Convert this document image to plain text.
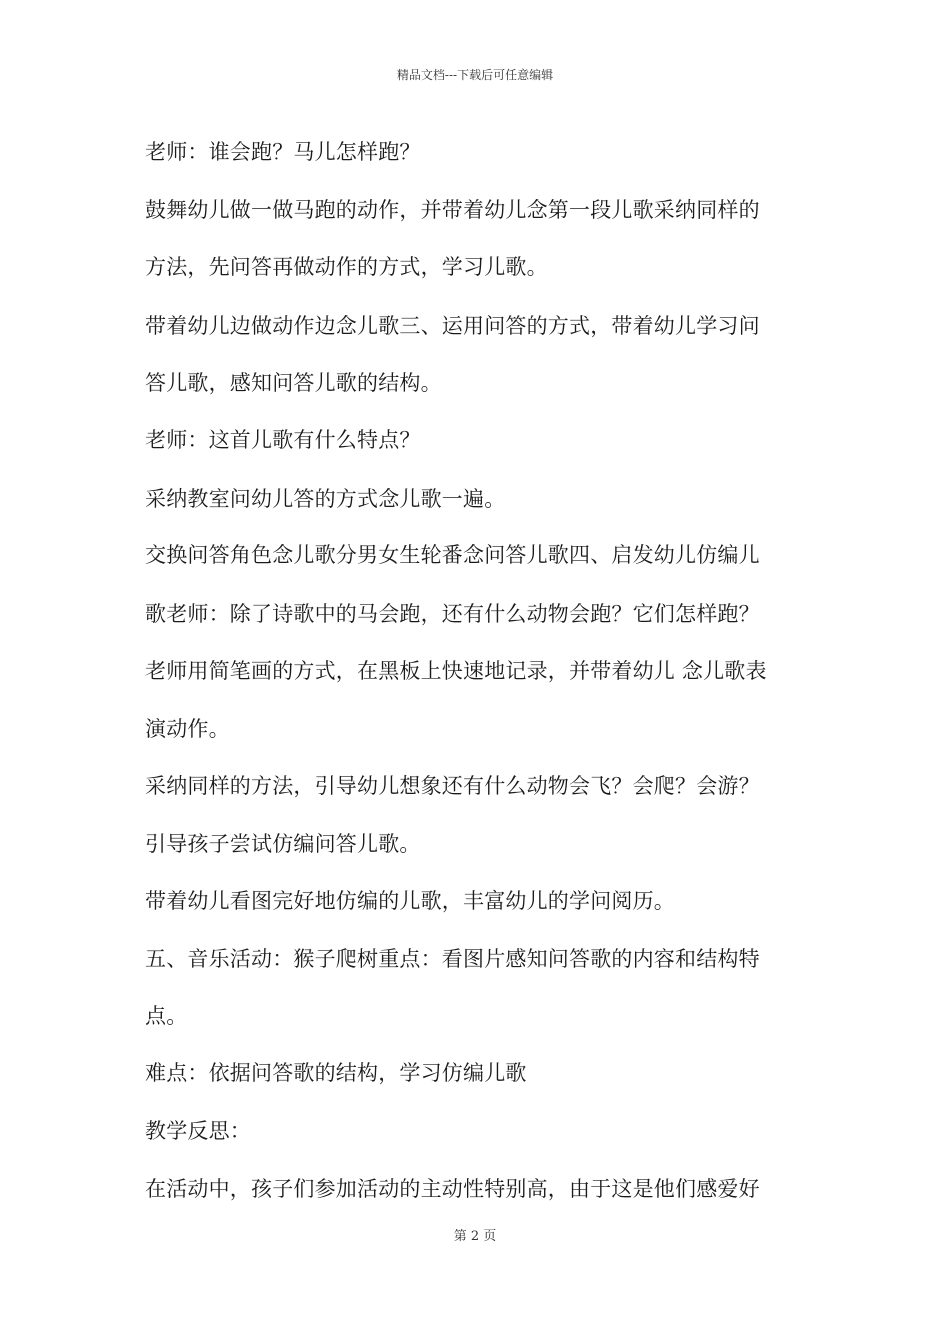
精品文档---下载后可任意编辑
老师：谁会跑？马儿怎样跑？
鼓舞幼儿做一做马跑的动作，并带着幼儿念第一段儿歌采纳同样的
方法，先问答再做动作的方式，学习儿歌。
带着幼儿边做动作边念儿歌三、运用问答的方式，带着幼儿学习问
答儿歌，感知问答儿歌的结构。
老师：这首儿歌有什么特点？
采纳教室问幼儿答的方式念儿歌一遍。
交换问答角色念儿歌分男女生轮番念问答儿歌四、启发幼儿仿编儿
歌老师：除了诗歌中的马会跑，还有什么动物会跑？它们怎样跑？
老师用简笔画的方式，在黑板上快速地记录，并带着幼儿 念儿歌表
演动作。
采纳同样的方法，引导幼儿想象还有什么动物会飞？会爬？会游？
引导孩子尝试仿编问答儿歌。
带着幼儿看图完好地仿编的儿歌，丰富幼儿的学问阅历。
五、音乐活动：猴子爬树重点：看图片感知问答歌的内容和结构特
点。
难点：依据问答歌的结构，学习仿编儿歌
教学反思：
在活动中，孩子们参加活动的主动性特别高，由于这是他们感爱好
第 2 页
